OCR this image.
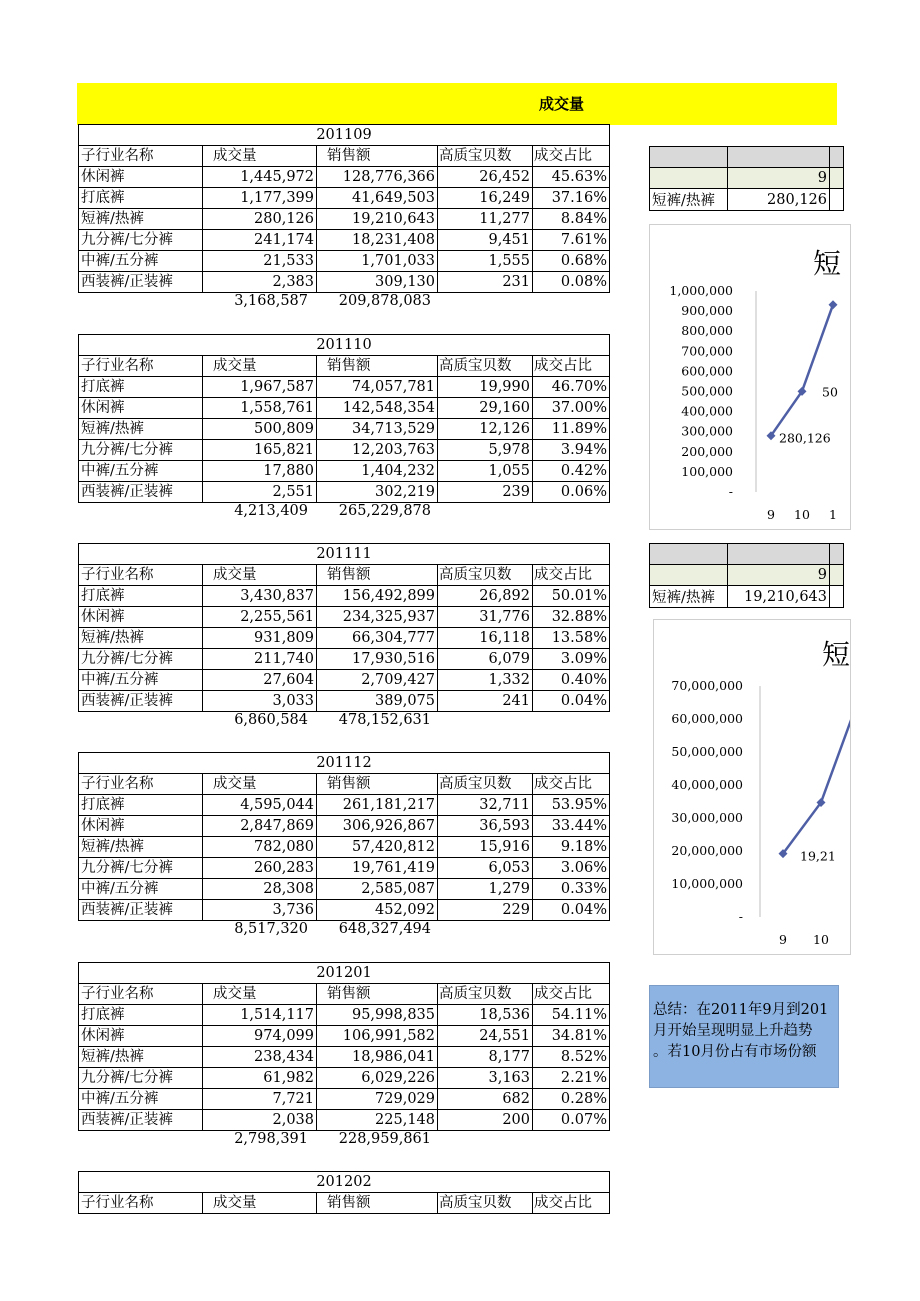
成交量
201109				
子行业名称	成交量	销售额	高质宝贝数	成交占比
休闲裤	1,445,972	128,776,366	26,452	45.63%
打底裤	1,177,399	41,649,503	16,249	37.16%
短裤/热裤	280,126	19,210,643	11,277	8.84%
九分裤/七分裤	241,174	18,231,408	9,451	7.61%
中裤/五分裤	21,533	1,701,033	1,555	0.68%
西装裤/正装裤	2,383	309,130	231	0.08%
3,168,587	209,878,083
201110				
子行业名称	成交量	销售额	高质宝贝数	成交占比
打底裤	1,967,587	74,057,781	19,990	46.70%
休闲裤	1,558,761	142,548,354	29,160	37.00%
短裤/热裤	500,809	34,713,529	12,126	11.89%
九分裤/七分裤	165,821	12,203,763	5,978	3.94%
中裤/五分裤	17,880	1,404,232	1,055	0.42%
西装裤/正装裤	2,551	302,219	239	0.06%
4,213,409	265,229,878
201111				
子行业名称	成交量	销售额	高质宝贝数	成交占比
打底裤	3,430,837	156,492,899	26,892	50.01%
休闲裤	2,255,561	234,325,937	31,776	32.88%
短裤/热裤	931,809	66,304,777	16,118	13.58%
九分裤/七分裤	211,740	17,930,516	6,079	3.09%
中裤/五分裤	27,604	2,709,427	1,332	0.40%
西装裤/正装裤	3,033	389,075	241	0.04%
6,860,584	478,152,631
201112				
子行业名称	成交量	销售额	高质宝贝数	成交占比
打底裤	4,595,044	261,181,217	32,711	53.95%
休闲裤	2,847,869	306,926,867	36,593	33.44%
短裤/热裤	782,080	57,420,812	15,916	9.18%
九分裤/七分裤	260,283	19,761,419	6,053	3.06%
中裤/五分裤	28,308	2,585,087	1,279	0.33%
西装裤/正装裤	3,736	452,092	229	0.04%
8,517,320	648,327,494
201201				
子行业名称	成交量	销售额	高质宝贝数	成交占比
打底裤	1,514,117	95,998,835	18,536	54.11%
休闲裤	974,099	106,991,582	24,551	34.81%
短裤/热裤	238,434	18,986,041	8,177	8.52%
九分裤/七分裤	61,982	6,029,226	3,163	2.21%
中裤/五分裤	7,721	729,029	682	0.28%
西装裤/正装裤	2,038	225,148	200	0.07%
2,798,391	228,959,861
201202
子行业名称	成交量	销售额	高质宝贝数	成交占比

	9	
短裤/热裤	280,126	
短
1,000,000
900,000
800,000
700,000
600,000
500,000
400,000
300,000
200,000
100,000
-
9 10 1
280,126
50

	9	
短裤/热裤	19,210,643	
短
70,000,000
60,000,000
50,000,000
40,000,000
30,000,000
20,000,000
10,000,000
-
9 10
19,21
总结：在2011年9月到201
月开始呈现明显上升趋势
。若10月份占有市场份额
